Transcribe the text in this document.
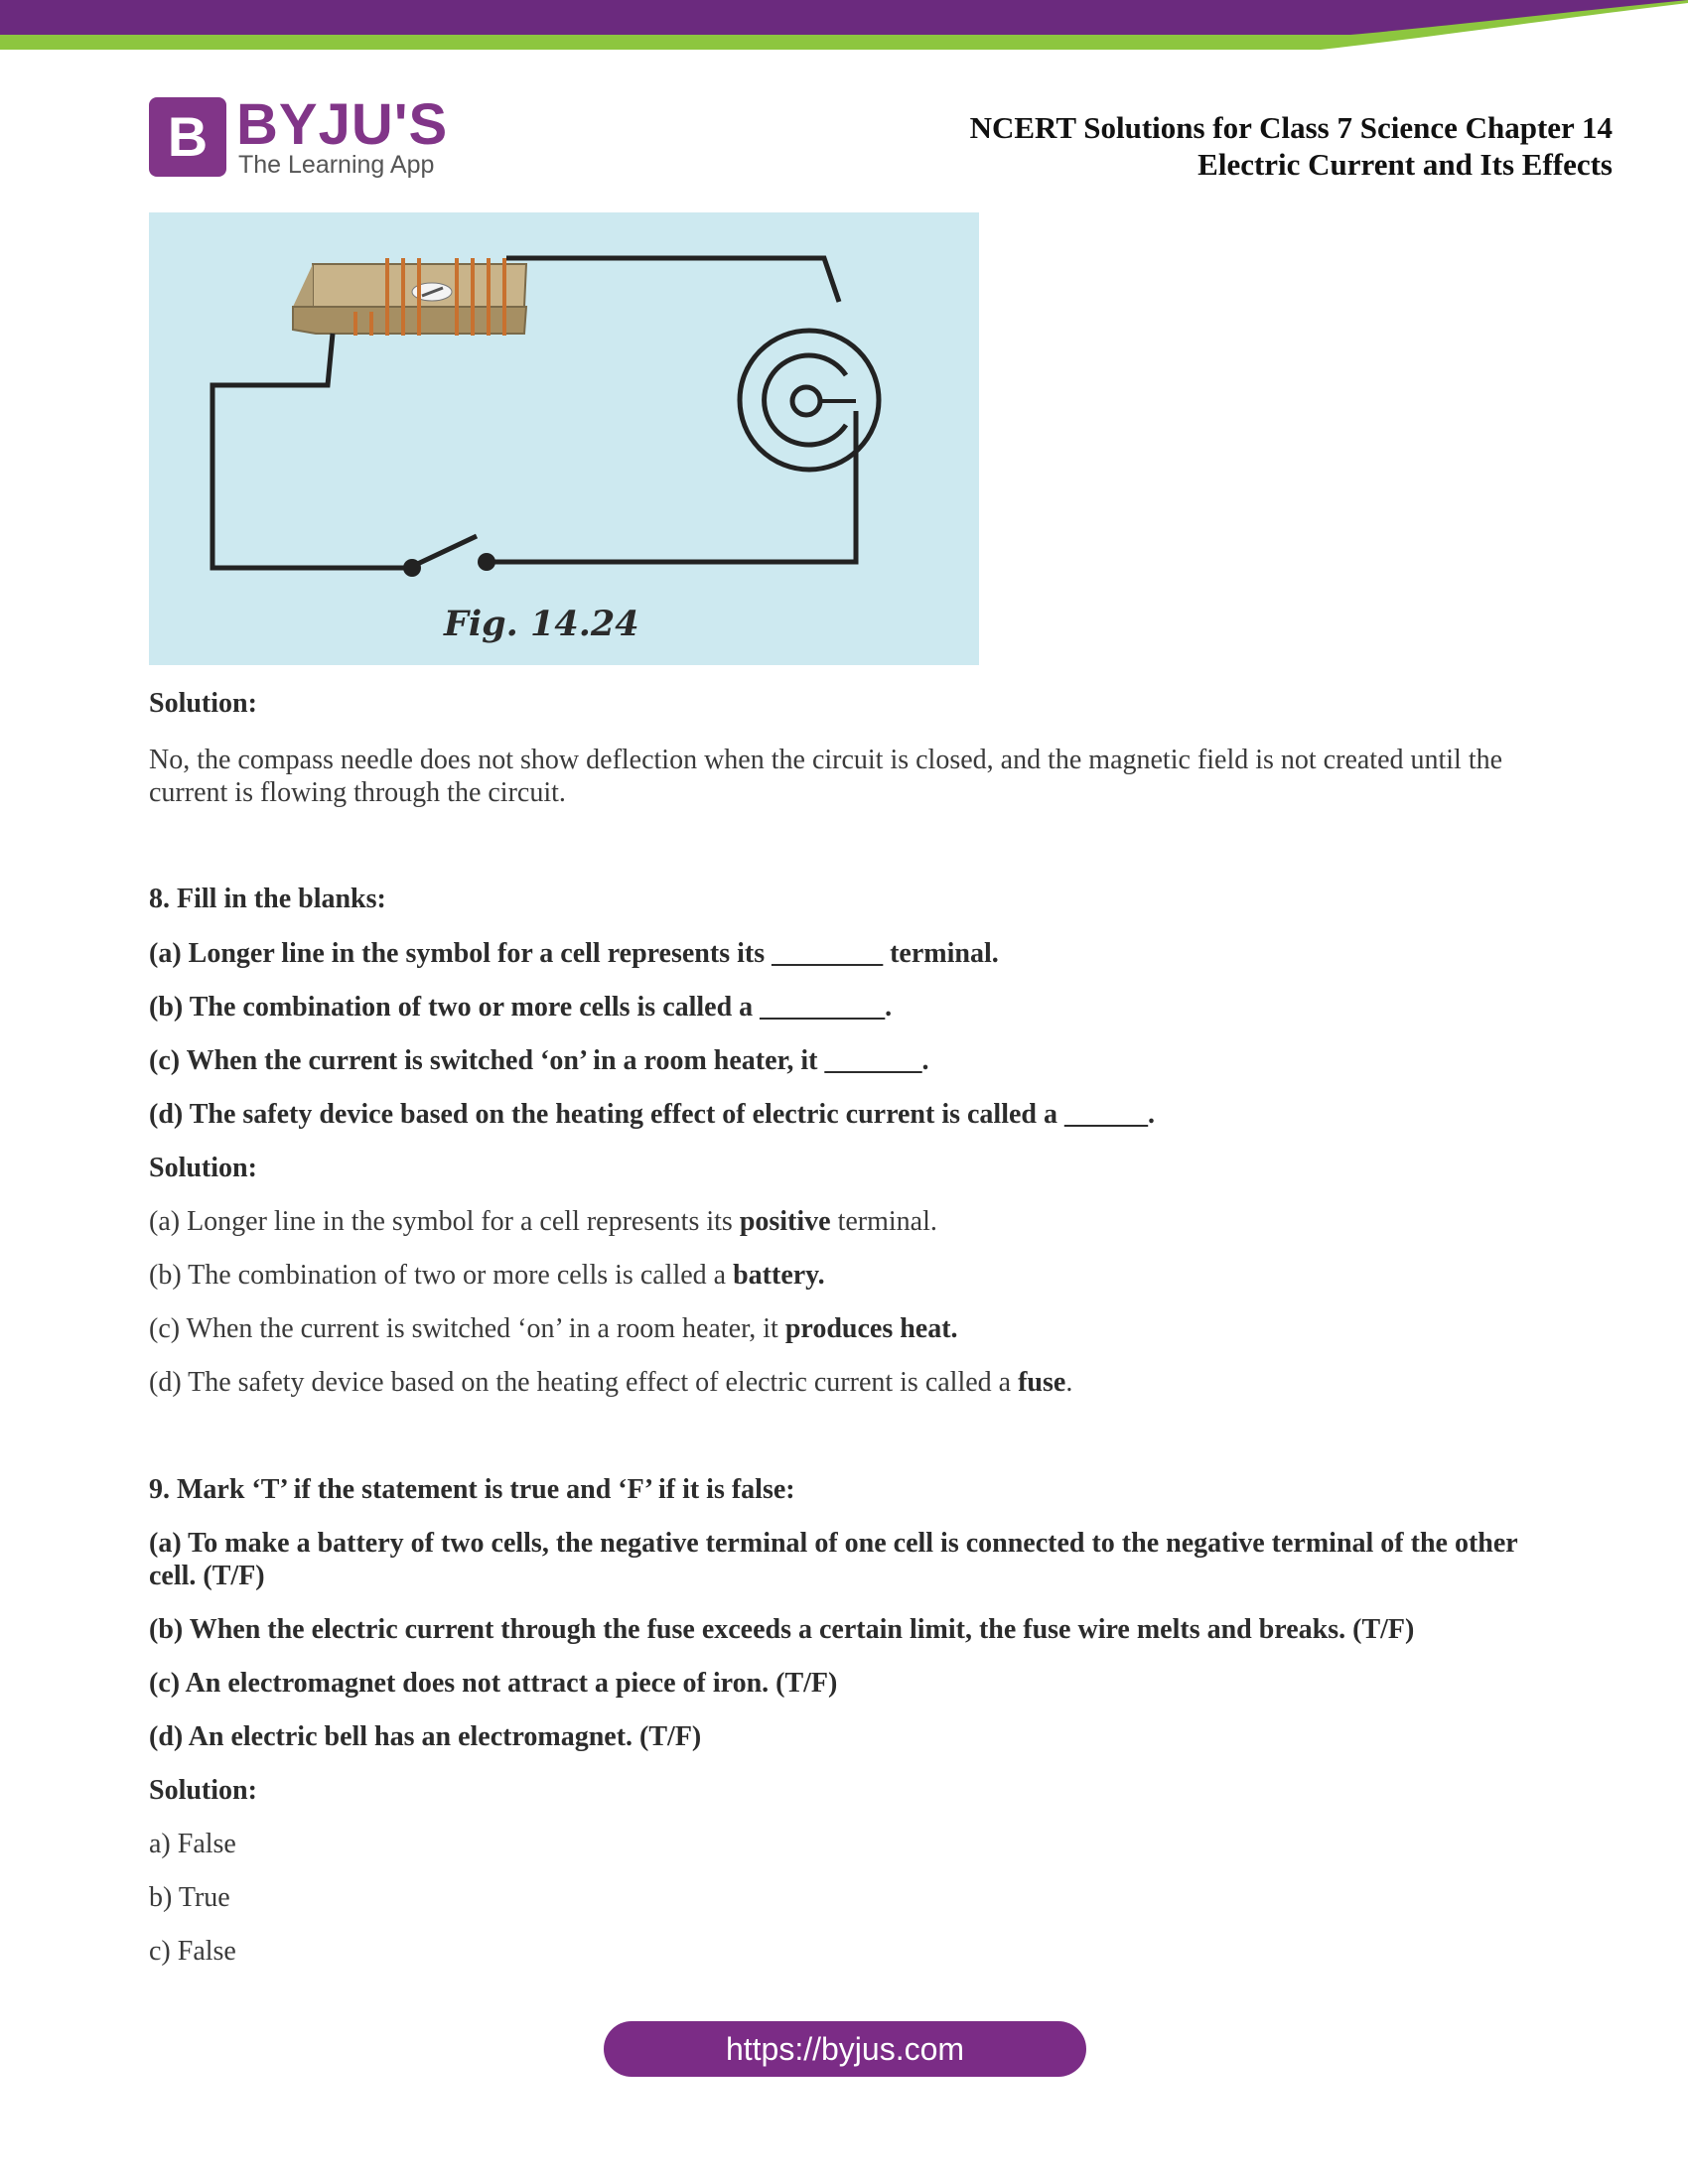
B BYJU'S
The Learning App
NCERT Solutions for Class 7 Science Chapter 14
Electric Current and Its Effects
Fig. 14.24

Solution:

No, the compass needle does not show deflection when the circuit is closed, and the magnetic field is not created until the current is flowing through the circuit.

8. Fill in the blanks:

(a) Longer line in the symbol for a cell represents its ________ terminal.

(b) The combination of two or more cells is called a _________.

(c) When the current is switched ‘on’ in a room heater, it _______.

(d) The safety device based on the heating effect of electric current is called a ______.

Solution:

(a) Longer line in the symbol for a cell represents its positive terminal.

(b) The combination of two or more cells is called a battery.

(c) When the current is switched ‘on’ in a room heater, it produces heat.

(d) The safety device based on the heating effect of electric current is called a fuse.

9. Mark ‘T’ if the statement is true and ‘F’ if it is false:

(a) To make a battery of two cells, the negative terminal of one cell is connected to the negative terminal of the other cell. (T/F)

(b) When the electric current through the fuse exceeds a certain limit, the fuse wire melts and breaks. (T/F)

(c) An electromagnet does not attract a piece of iron. (T/F)

(d) An electric bell has an electromagnet. (T/F)

Solution:

a) False

b) True

c) False

https://byjus.com
